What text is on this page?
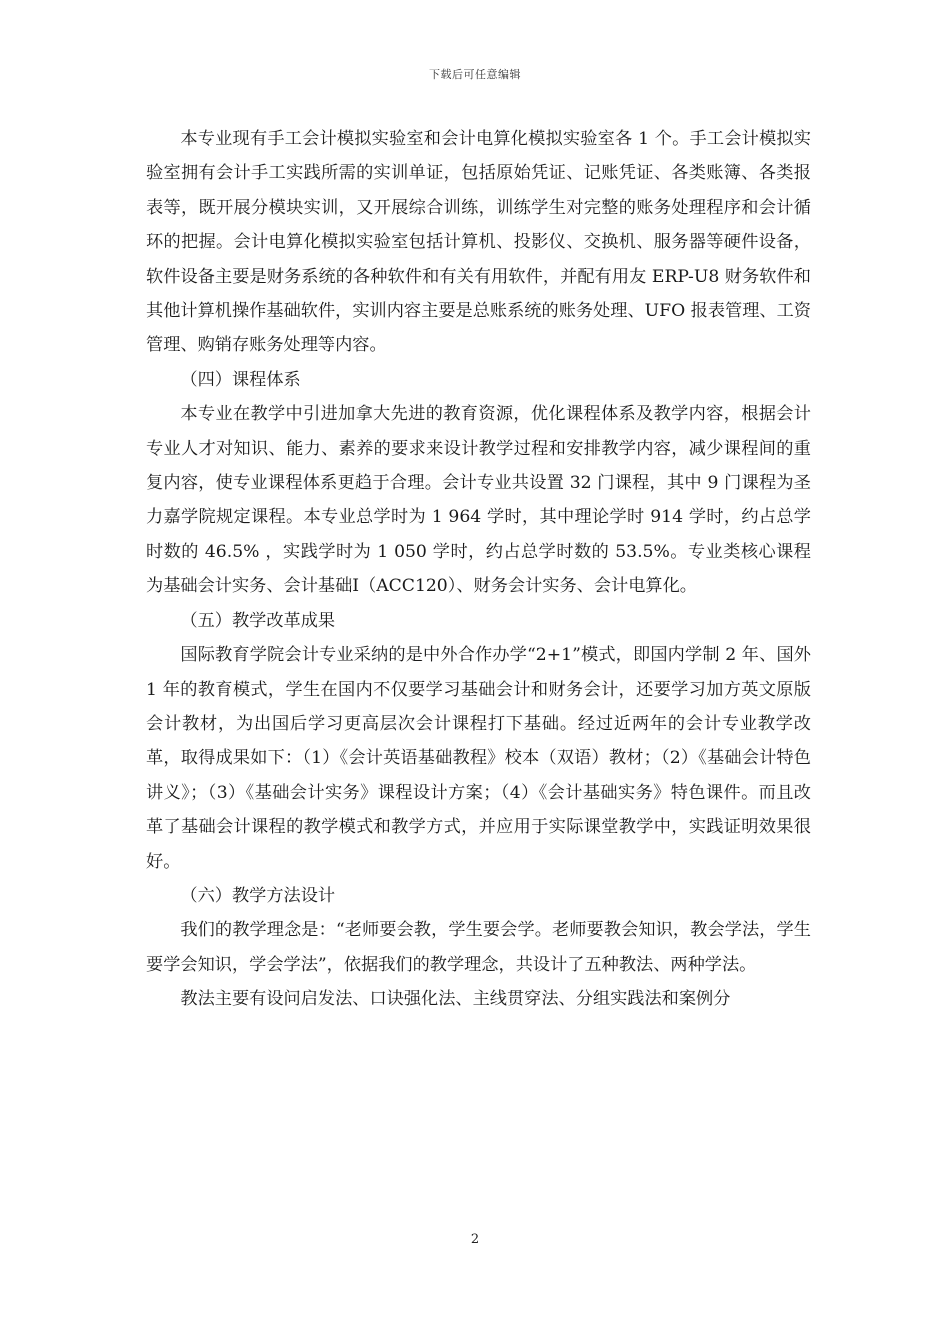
下载后可任意编辑

本专业现有手工会计模拟实验室和会计电算化模拟实验室各 1 个。手工会计模拟实验室拥有会计手工实践所需的实训单证，包括原始凭证、记账凭证、各类账簿、各类报表等，既开展分模块实训，又开展综合训练，训练学生对完整的账务处理程序和会计循环的把握。会计电算化模拟实验室包括计算机、投影仪、交换机、服务器等硬件设备，软件设备主要是财务系统的各种软件和有关有用软件，并配有用友 ERP-U8 财务软件和其他计算机操作基础软件，实训内容主要是总账系统的账务处理、UFO 报表管理、工资管理、购销存账务处理等内容。

（四）课程体系

本专业在教学中引进加拿大先进的教育资源，优化课程体系及教学内容，根据会计专业人才对知识、能力、素养的要求来设计教学过程和安排教学内容，减少课程间的重复内容，使专业课程体系更趋于合理。会计专业共设置 32 门课程，其中 9 门课程为圣力嘉学院规定课程。本专业总学时为 1 964 学时，其中理论学时 914 学时，约占总学时数的 46.5% ，实践学时为 1 050 学时，约占总学时数的 53.5%。专业类核心课程为基础会计实务、会计基础Ⅰ（ACC120）、财务会计实务、会计电算化。

（五）教学改革成果

国际教育学院会计专业采纳的是中外合作办学“2+1”模式，即国内学制 2 年、国外 1 年的教育模式，学生在国内不仅要学习基础会计和财务会计，还要学习加方英文原版会计教材，为出国后学习更高层次会计课程打下基础。经过近两年的会计专业教学改革，取得成果如下：（1）《会计英语基础教程》校本（双语）教材；（2）《基础会计特色讲义》；（3）《基础会计实务》课程设计方案；（4）《会计基础实务》特色课件。而且改革了基础会计课程的教学模式和教学方式，并应用于实际课堂教学中，实践证明效果很好。

（六）教学方法设计

我们的教学理念是：“老师要会教，学生要会学。老师要教会知识，教会学法，学生要学会知识，学会学法”，依据我们的教学理念，共设计了五种教法、两种学法。

教法主要有设问启发法、口诀强化法、主线贯穿法、分组实践法和案例分

2
